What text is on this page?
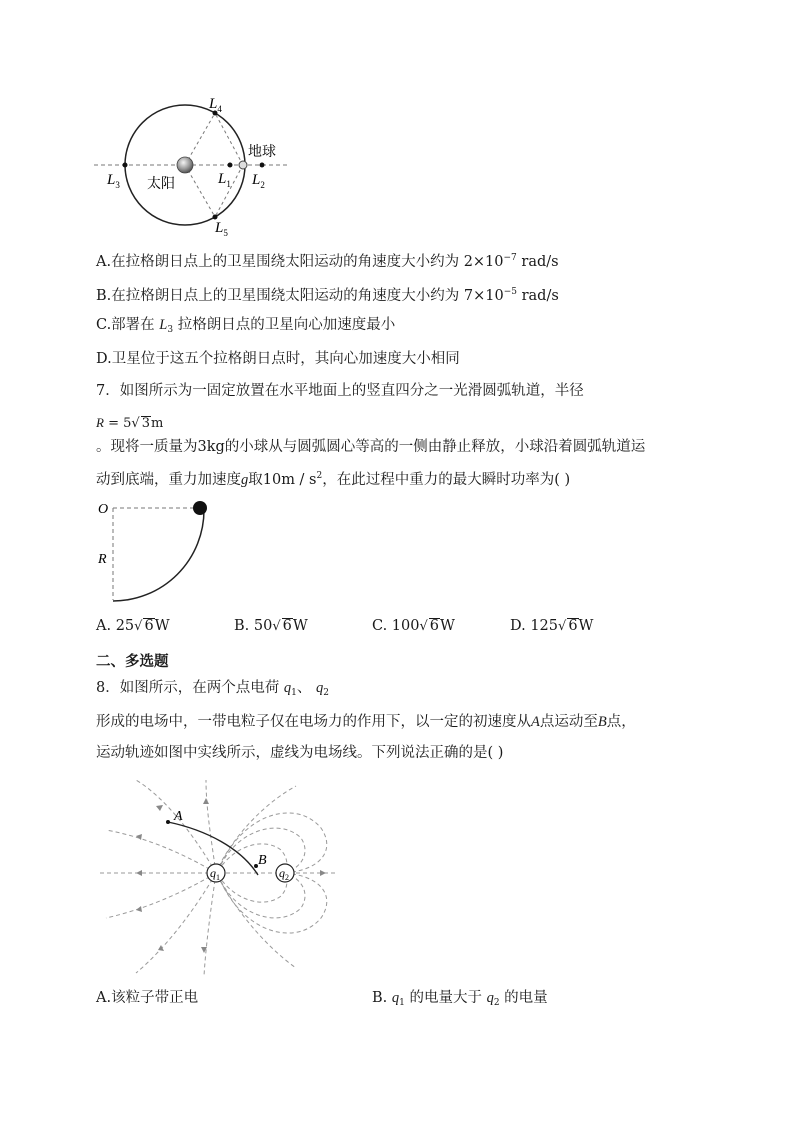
$L_4$
$L_3$	$L_1$ $L_2$
$L_5$
太阳
地球
A.在拉格朗日点上的卫星围绕太阳运动的角速度大小约为 $2\times 10^{-7}$ rad/s
B.在拉格朗日点上的卫星围绕太阳运动的角速度大小约为 $7\times 10^{-5}$ rad/s
C.部署在 $L_3$ 拉格朗日点的卫星向心加速度最小
D.卫星位于这五个拉格朗日点时，其向心加速度大小相同
7．如图所示为一固定放置在水平地面上的竖直四分之一光滑圆弧轨道，半径
R = 5√ 3m
。现将一质量为3kg的小球从与圆弧圆心等高的一侧由静止释放，小球沿着圆弧轨道运
动到底端，重力加速度g取$10m / s^2$，在此过程中重力的最大瞬时功率为( )
O
R
A. 25√ 6W	B. 50√ 6W	C. 100√ 6W	D. 125√ 6W
二、多选题
8．如图所示，在两个点电荷 $q_1$、 $q_2$
形成的电场中，一带电粒子仅在电场力的作用下，以一定的初速度从A点运动至B点，
运动轨迹如图中实线所示，虚线为电场线。下列说法正确的是( )
A
B
$q_1$	$q_2$
A.该粒子带正电	B. $q_1$ 的电量大于 $q_2$ 的电量
